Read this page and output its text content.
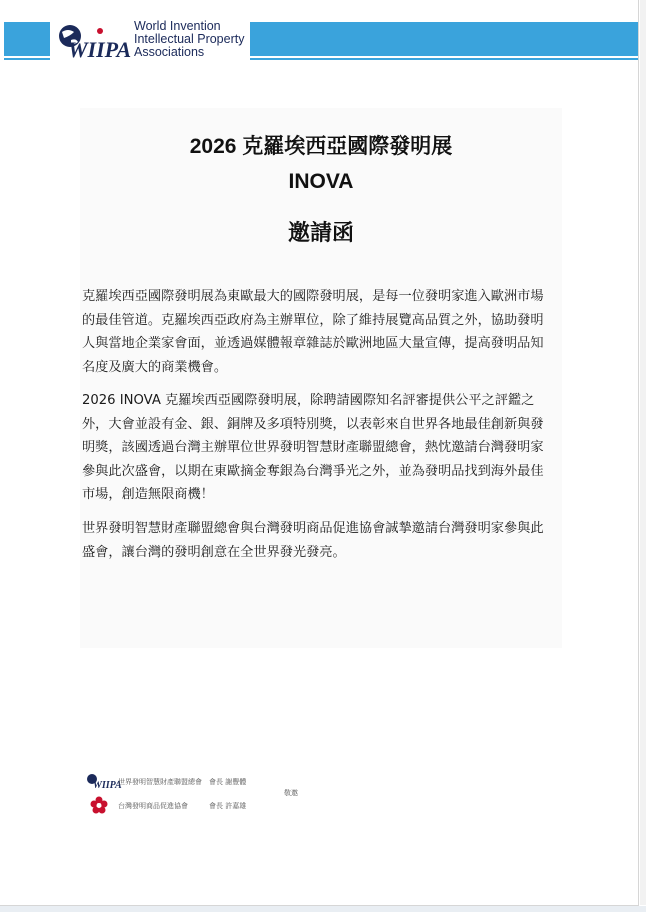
WIIPA
World Invention
Intellectual Property
Associations
2026 克羅埃西亞國際發明展
INOVA
邀請函

克羅埃西亞國際發明展為東歐最大的國際發明展，是每一位發明家進入歐洲市場的最佳管道。克羅埃西亞政府為主辦單位，除了維持展覽高品質之外，協助發明人與當地企業家會面，並透過媒體報章雜誌於歐洲地區大量宣傳，提高發明品知名度及廣大的商業機會。

2026 INOVA 克羅埃西亞國際發明展，除聘請國際知名評審提供公平之評鑑之外，大會並設有金、銀、銅牌及多項特別獎，以表彰來自世界各地最佳創新與發明獎，該國透過台灣主辦單位世界發明智慧財產聯盟總會，熱忱邀請台灣發明家參與此次盛會，以期在東歐摘金奪銀為台灣爭光之外，並為發明品找到海外最佳市場，創造無限商機！

世界發明智慧財產聯盟總會與台灣發明商品促進協會誠摯邀請台灣發明家參與此盛會，讓台灣的發明創意在全世界發光發亮。

WIIPA
世界發明智慧財產聯盟總會 會長 謝豐體
台灣發明商品促進協會	會長 許嘉雄
敬邀
